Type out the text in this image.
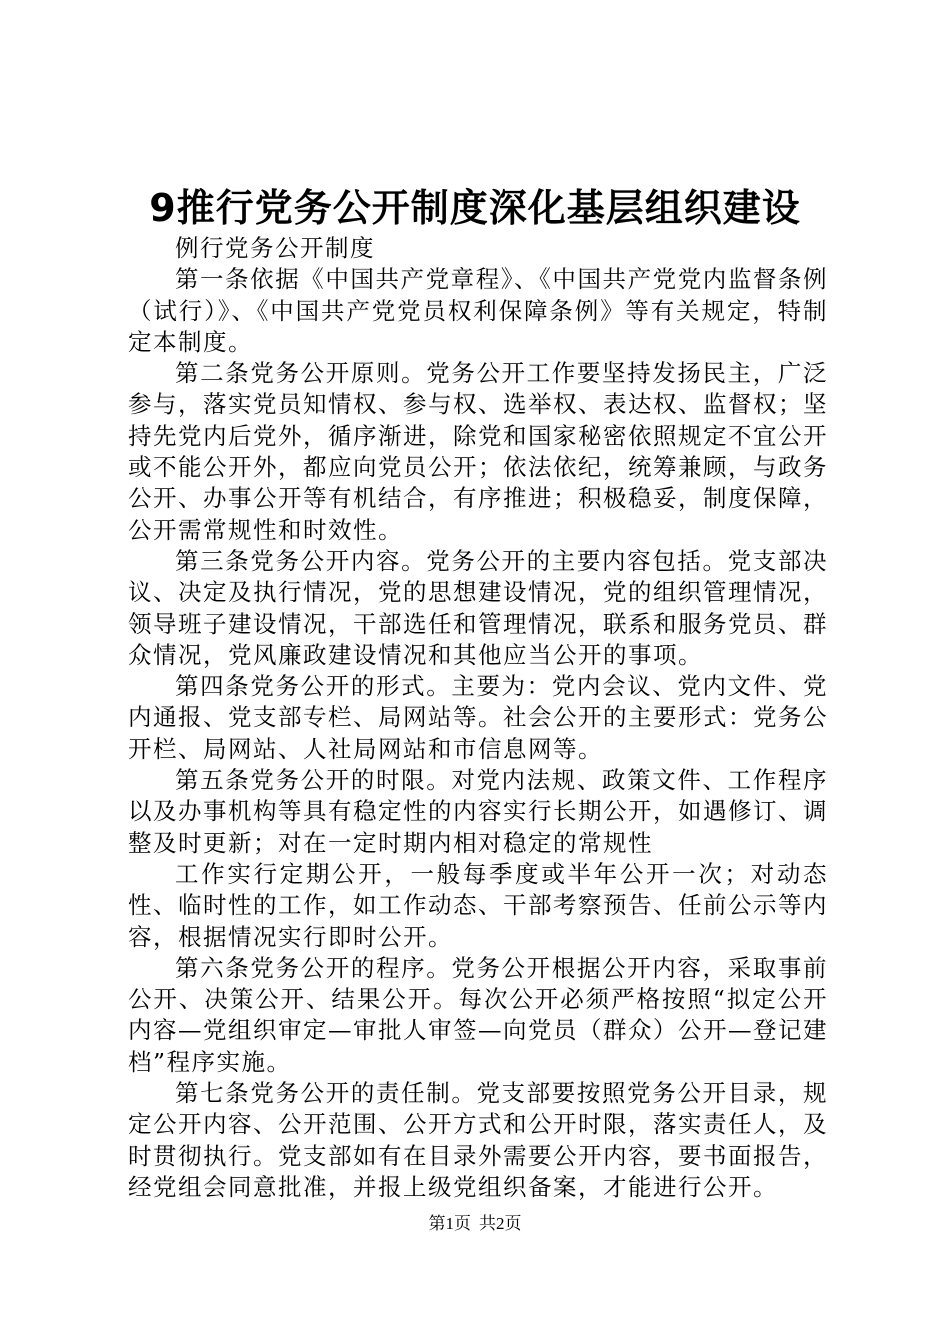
9推行党务公开制度深化基层组织建设

例行党务公开制度

第一条依据《中国共产党章程》、《中国共产党党内监督条例（试行）》、《中国共产党党员权利保障条例》等有关规定，特制定本制度。

第二条党务公开原则。党务公开工作要坚持发扬民主，广泛参与，落实党员知情权、参与权、选举权、表达权、监督权；坚持先党内后党外，循序渐进，除党和国家秘密依照规定不宜公开或不能公开外，都应向党员公开；依法依纪，统筹兼顾，与政务公开、办事公开等有机结合，有序推进；积极稳妥，制度保障，公开需常规性和时效性。

第三条党务公开内容。党务公开的主要内容包括。党支部决议、决定及执行情况，党的思想建设情况，党的组织管理情况，领导班子建设情况，干部选任和管理情况，联系和服务党员、群众情况，党风廉政建设情况和其他应当公开的事项。

第四条党务公开的形式。主要为：党内会议、党内文件、党内通报、党支部专栏、局网站等。社会公开的主要形式：党务公开栏、局网站、人社局网站和市信息网等。

第五条党务公开的时限。对党内法规、政策文件、工作程序以及办事机构等具有稳定性的内容实行长期公开，如遇修订、调整及时更新；对在一定时期内相对稳定的常规性

工作实行定期公开，一般每季度或半年公开一次；对动态性、临时性的工作，如工作动态、干部考察预告、任前公示等内容，根据情况实行即时公开。

第六条党务公开的程序。党务公开根据公开内容，采取事前公开、决策公开、结果公开。每次公开必须严格按照“拟定公开内容—党组织审定—审批人审签—向党员（群众）公开—登记建档”程序实施。

第七条党务公开的责任制。党支部要按照党务公开目录，规定公开内容、公开范围、公开方式和公开时限，落实责任人，及时贯彻执行。党支部如有在目录外需要公开内容，要书面报告，经党组会同意批准，并报上级党组织备案，才能进行公开。

第1页 共2页
